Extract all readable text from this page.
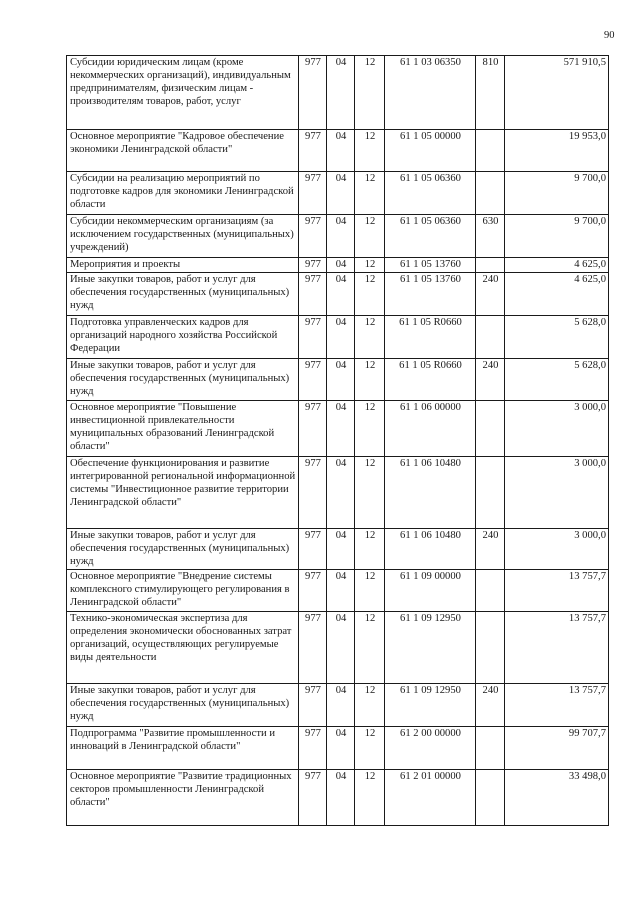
90
Субсидии юридическим лицам (кроме некоммерческих организаций), индивидуальным предпринимателям, физическим лицам - производителям товаров, работ, услуг	977	04	12	61 1 03 06350	810	571 910,5
Основное мероприятие "Кадровое обеспечение экономики Ленинградской области"	977	04	12	61 1 05 00000		19 953,0
Субсидии на реализацию мероприятий по подготовке кадров для экономики Ленинградской области	977	04	12	61 1 05 06360		9 700,0
Субсидии некоммерческим организациям (за исключением государственных (муниципальных) учреждений)	977	04	12	61 1 05 06360	630	9 700,0
Мероприятия и проекты	977	04	12	61 1 05 13760		4 625,0
Иные закупки товаров, работ и услуг для обеспечения государственных (муниципальных) нужд	977	04	12	61 1 05 13760	240	4 625,0
Подготовка управленческих кадров для организаций народного хозяйства Российской Федерации	977	04	12	61 1 05 R0660		5 628,0
Иные закупки товаров, работ и услуг для обеспечения государственных (муниципальных) нужд	977	04	12	61 1 05 R0660	240	5 628,0
Основное мероприятие "Повышение инвестиционной привлекательности муниципальных образований Ленинградской области"	977	04	12	61 1 06 00000		3 000,0
Обеспечение функционирования и развитие интегрированной региональной информационной системы "Инвестиционное развитие территории Ленинградской области"	977	04	12	61 1 06 10480		3 000,0
Иные закупки товаров, работ и услуг для обеспечения государственных (муниципальных) нужд	977	04	12	61 1 06 10480	240	3 000,0
Основное мероприятие "Внедрение системы комплексного стимулирующего регулирования в Ленинградской области"	977	04	12	61 1 09 00000		13 757,7
Технико-экономическая экспертиза для определения экономически обоснованных затрат организаций, осуществляющих регулируемые виды деятельности	977	04	12	61 1 09 12950		13 757,7
Иные закупки товаров, работ и услуг для обеспечения государственных (муниципальных) нужд	977	04	12	61 1 09 12950	240	13 757,7
Подпрограмма "Развитие промышленности и инноваций в Ленинградской области"	977	04	12	61 2 00 00000		99 707,7
Основное мероприятие "Развитие традиционных секторов промышленности Ленинградской области"	977	04	12	61 2 01 00000		33 498,0
